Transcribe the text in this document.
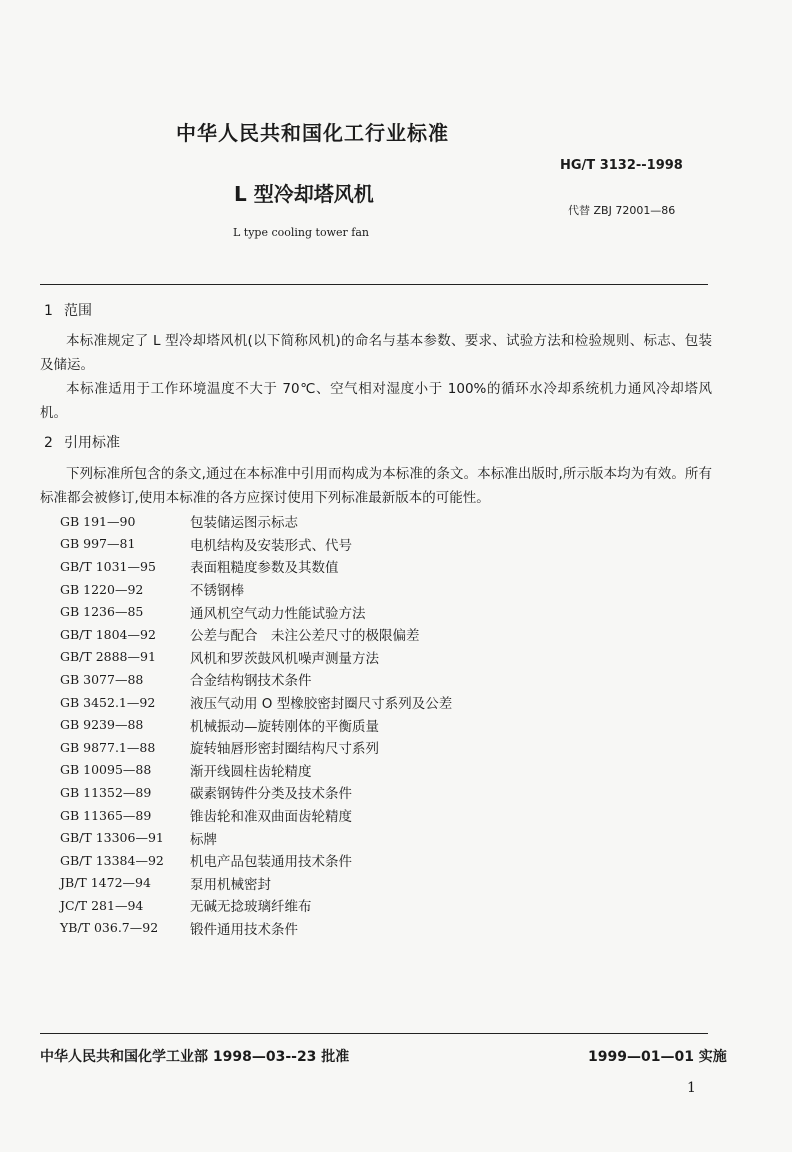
中华人民共和国化工行业标准
HG/T 3132--1998
L 型冷却塔风机
代替 ZBJ 72001—86
L type cooling tower fan
1 范围
本标准规定了 L 型冷却塔风机(以下简称风机)的命名与基本参数、要求、试验方法和检验规则、标志、包装及储运。
本标准适用于工作环境温度不大于 70℃、空气相对湿度小于 100%的循环水冷却系统机力通风冷却塔风机。
2 引用标准
下列标准所包含的条文,通过在本标准中引用而构成为本标准的条文。本标准出版时,所示版本均为有效。所有标准都会被修订,使用本标准的各方应探讨使用下列标准最新版本的可能性。
GB 191—90	包装储运图示标志
GB 997—81	电机结构及安装形式、代号
GB/T 1031—95	表面粗糙度参数及其数值
GB 1220—92	不锈钢棒
GB 1236—85	通风机空气动力性能试验方法
GB/T 1804—92	公差与配合　未注公差尺寸的极限偏差
GB/T 2888—91	风机和罗茨鼓风机噪声测量方法
GB 3077—88	合金结构钢技术条件
GB 3452.1—92	液压气动用 O 型橡胶密封圈尺寸系列及公差
GB 9239—88	机械振动—旋转刚体的平衡质量
GB 9877.1—88	旋转轴唇形密封圈结构尺寸系列
GB 10095—88	渐开线圆柱齿轮精度
GB 11352—89	碳素钢铸件分类及技术条件
GB 11365—89	锥齿轮和准双曲面齿轮精度
GB/T 13306—91	标牌
GB/T 13384—92	机电产品包装通用技术条件
JB/T 1472—94	泵用机械密封
JC/T 281—94	无碱无捻玻璃纤维布
YB/T 036.7—92	锻件通用技术条件
中华人民共和国化学工业部 1998—03--23 批准	1999—01—01 实施
1
